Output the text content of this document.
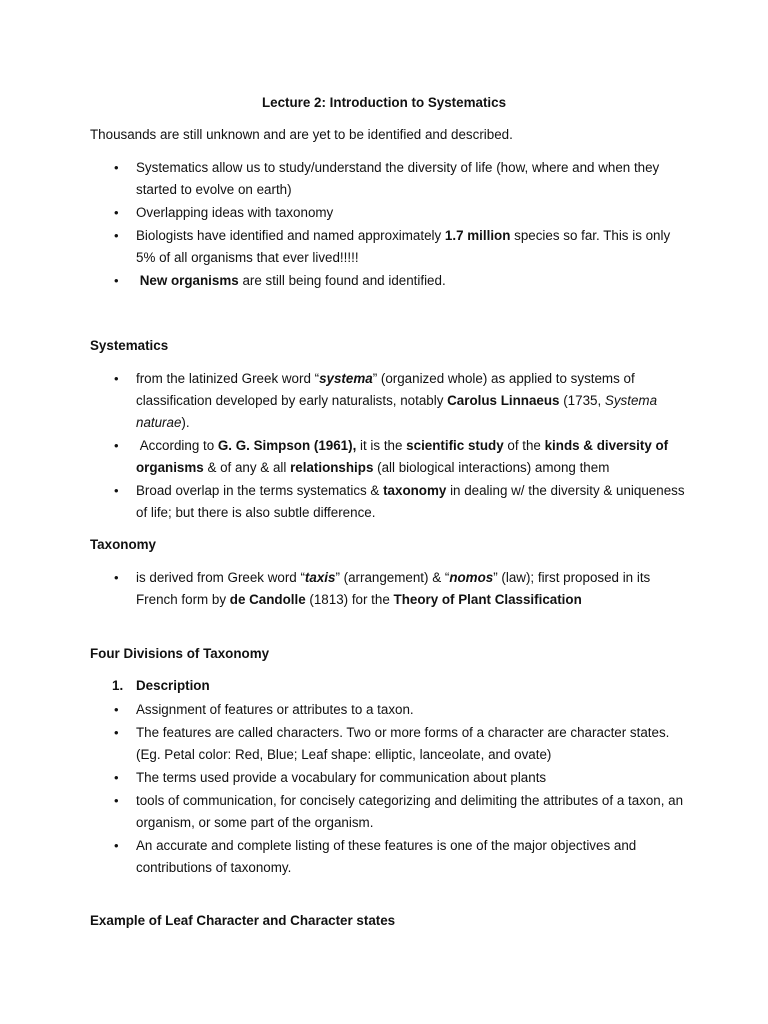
Lecture 2: Introduction to Systematics

Thousands are still unknown and are yet to be identified and described.

• Systematics allow us to study/understand the diversity of life (how, where and when they started to evolve on earth)
• Overlapping ideas with taxonomy
• Biologists have identified and named approximately 1.7 million species so far. This is only 5% of all organisms that ever lived!!!!!
• New organisms are still being found and identified.
Systematics
• from the latinized Greek word “systema” (organized whole) as applied to systems of classification developed by early naturalists, notably Carolus Linnaeus (1735, Systema naturae).
• According to G. G. Simpson (1961), it is the scientific study of the kinds & diversity of organisms & of any & all relationships (all biological interactions) among them
• Broad overlap in the terms systematics & taxonomy in dealing w/ the diversity & uniqueness of life; but there is also subtle difference.
Taxonomy
• is derived from Greek word “taxis” (arrangement) & “nomos” (law); first proposed in its French form by de Candolle (1813) for the Theory of Plant Classification
Four Divisions of Taxonomy

1. Description

• Assignment of features or attributes to a taxon.
• The features are called characters. Two or more forms of a character are character states. (Eg. Petal color: Red, Blue; Leaf shape: elliptic, lanceolate, and ovate)
• The terms used provide a vocabulary for communication about plants
• tools of communication, for concisely categorizing and delimiting the attributes of a taxon, an organism, or some part of the organism.
• An accurate and complete listing of these features is one of the major objectives and contributions of taxonomy.
Example of Leaf Character and Character states
